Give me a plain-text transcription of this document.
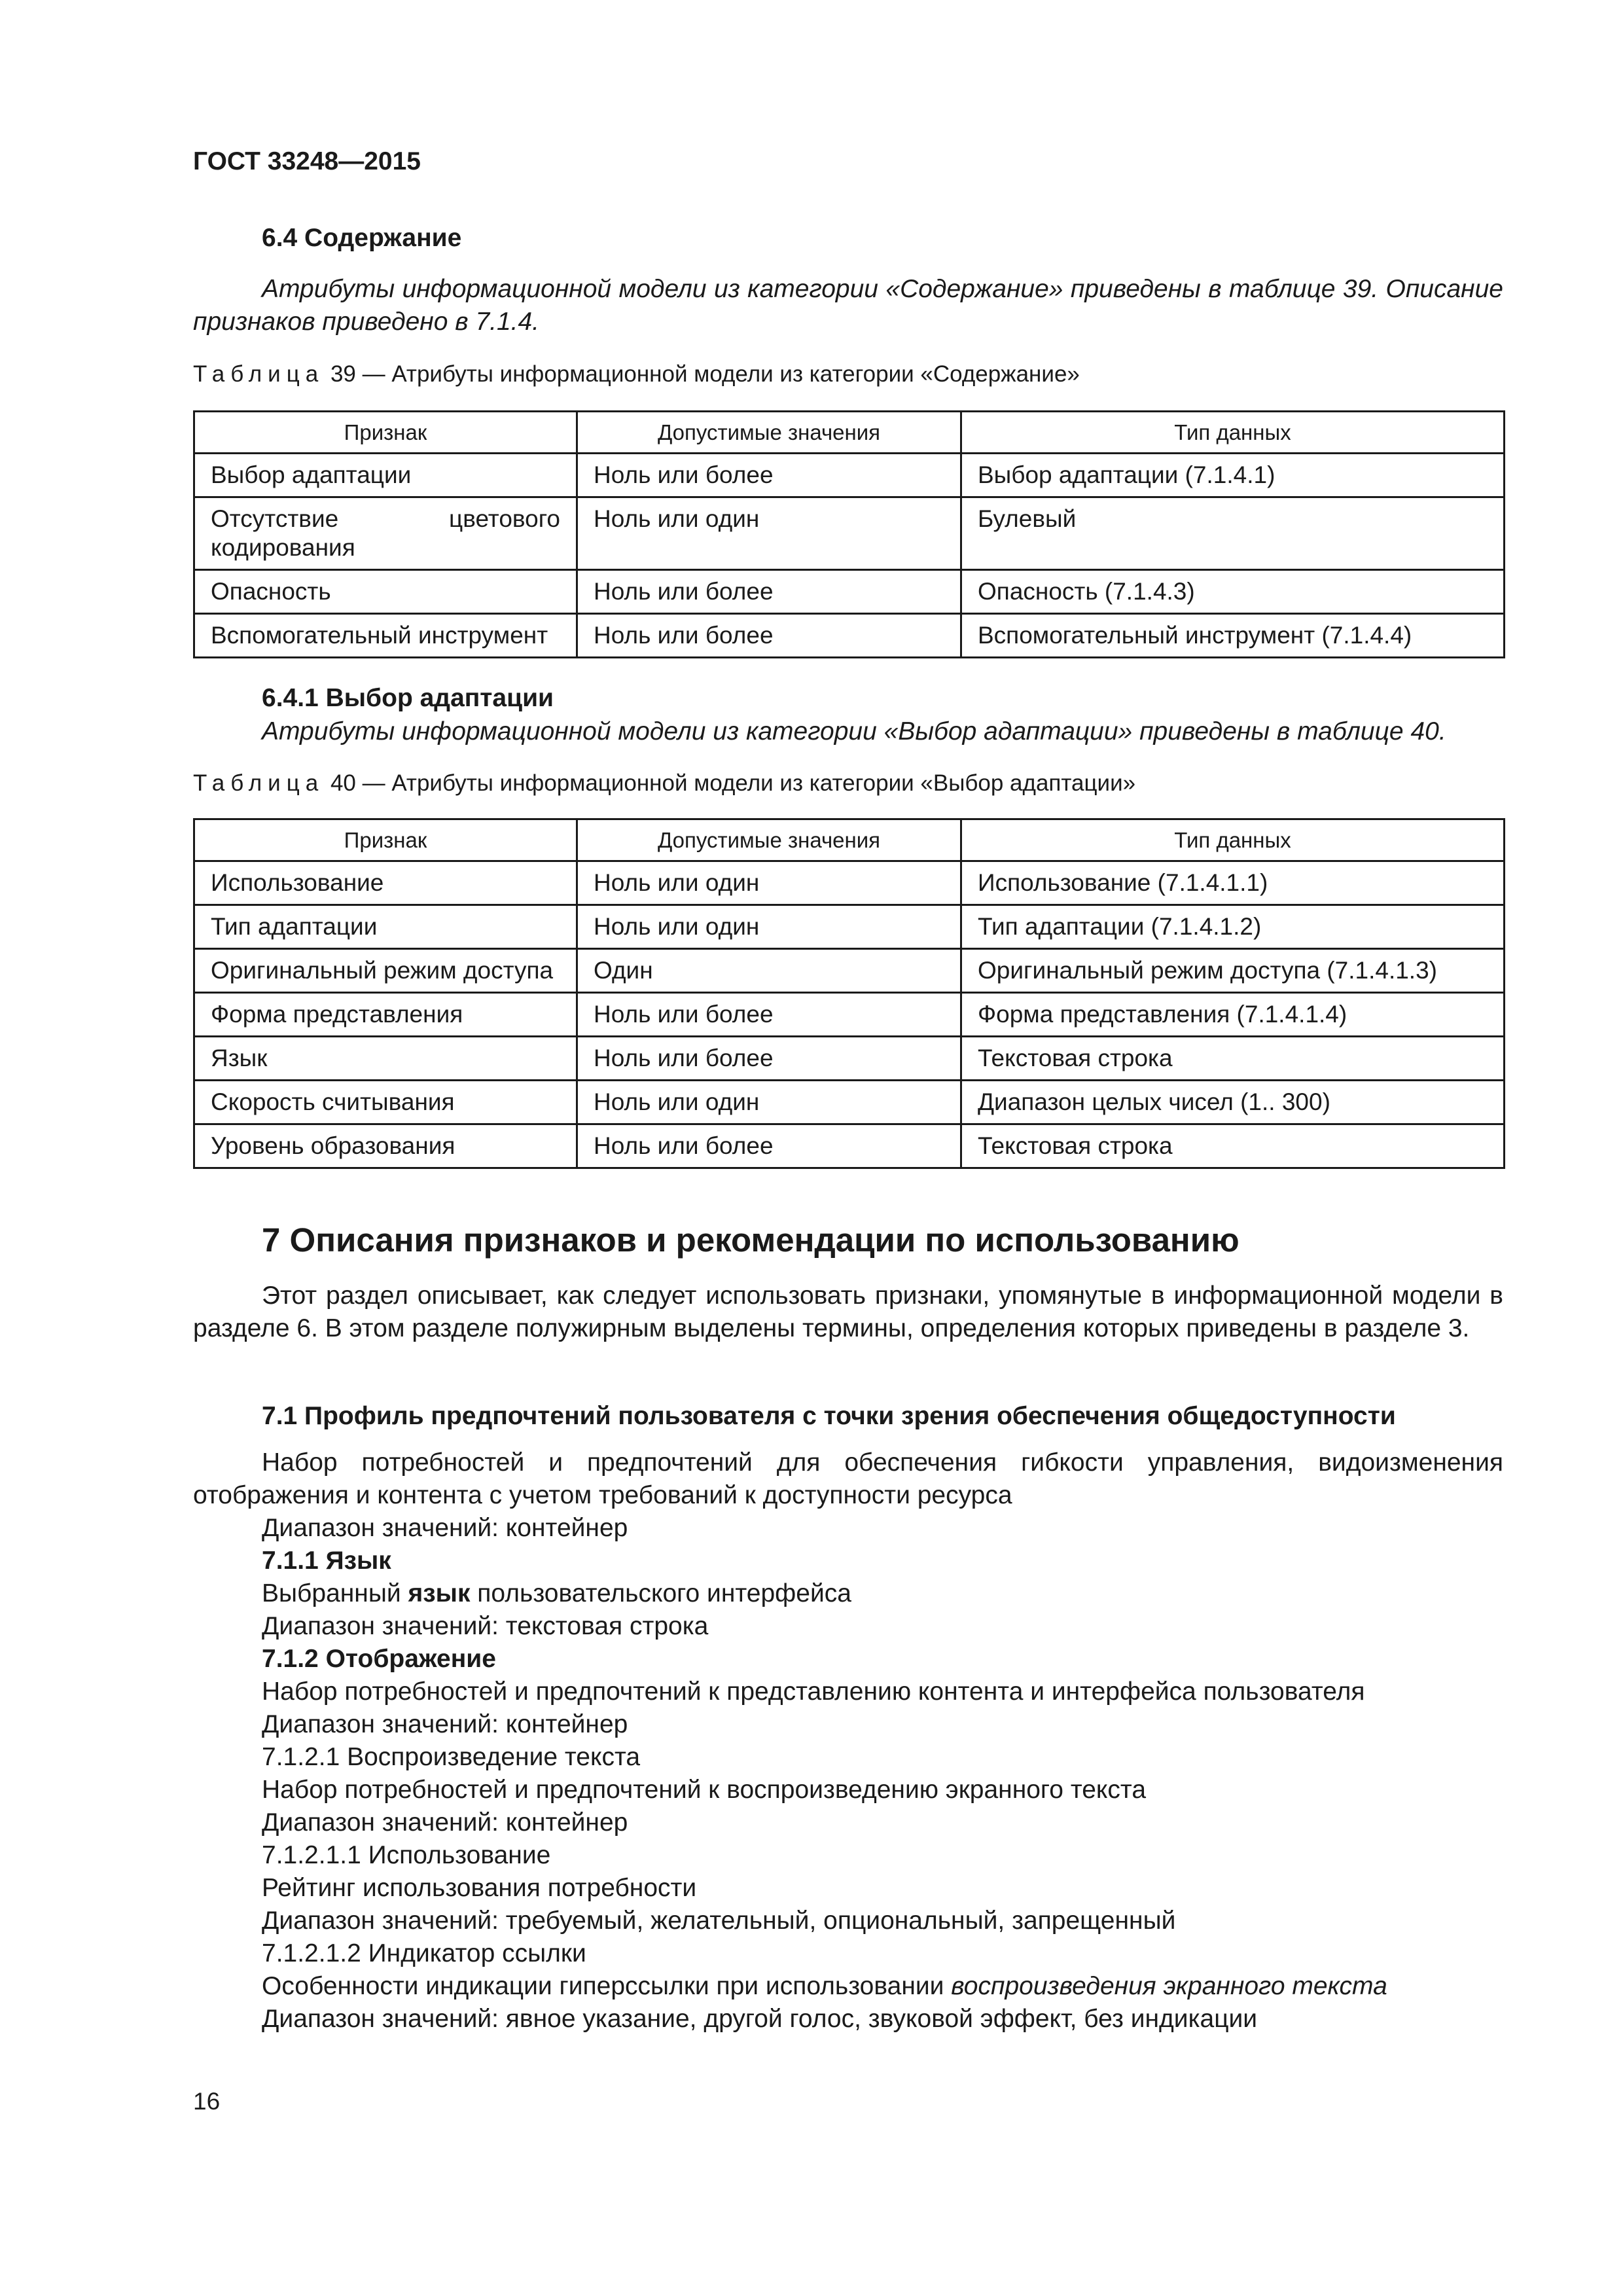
ГОСТ 33248—2015
6.4 Содержание

Атрибуты информационной модели из категории «Содержание» приведены в таблице 39. Описание признаков приведено в 7.1.4.

Таблица 39 — Атрибуты информационной модели из категории «Содержание»
Признак	Допустимые значения	Тип данных
Выбор адаптации	Ноль или более	Выбор адаптации (7.1.4.1)
Отсутствие цветового кодирования	Ноль или один	Булевый
Опасность	Ноль или более	Опасность (7.1.4.3)
Вспомогательный инструмент	Ноль или более	Вспомогательный инструмент (7.1.4.4)
6.4.1 Выбор адаптации

Атрибуты информационной модели из категории «Выбор адаптации» приведены в таблице 40.

Таблица 40 — Атрибуты информационной модели из категории «Выбор адаптации»
Признак	Допустимые значения	Тип данных
Использование	Ноль или один	Использование (7.1.4.1.1)
Тип адаптации	Ноль или один	Тип адаптации (7.1.4.1.2)
Оригинальный режим доступа	Один	Оригинальный режим доступа (7.1.4.1.3)
Форма представления	Ноль или более	Форма представления (7.1.4.1.4)
Язык	Ноль или более	Текстовая строка
Скорость считывания	Ноль или один	Диапазон целых чисел (1.. 300)
Уровень образования	Ноль или более	Текстовая строка
7 Описания признаков и рекомендации по использованию

Этот раздел описывает, как следует использовать признаки, упомянутые в информационной модели в разделе 6. В этом разделе полужирным выделены термины, определения которых приведены в разделе 3.

7.1 Профиль предпочтений пользователя с точки зрения обеспечения общедоступности

Набор потребностей и предпочтений для обеспечения гибкости управления, видоизменения отображения и контента с учетом требований к доступности ресурса

Диапазон значений: контейнер
7.1.1 Язык
Выбранный язык пользовательского интерфейса
Диапазон значений: текстовая строка
7.1.2 Отображение
Набор потребностей и предпочтений к представлению контента и интерфейса пользователя
Диапазон значений: контейнер
7.1.2.1 Воспроизведение текста
Набор потребностей и предпочтений к воспроизведению экранного текста
Диапазон значений: контейнер
7.1.2.1.1 Использование
Рейтинг использования потребности
Диапазон значений: требуемый, желательный, опциональный, запрещенный
7.1.2.1.2 Индикатор ссылки
Особенности индикации гиперссылки при использовании воспроизведения экранного текста
Диапазон значений: явное указание, другой голос, звуковой эффект, без индикации
16
